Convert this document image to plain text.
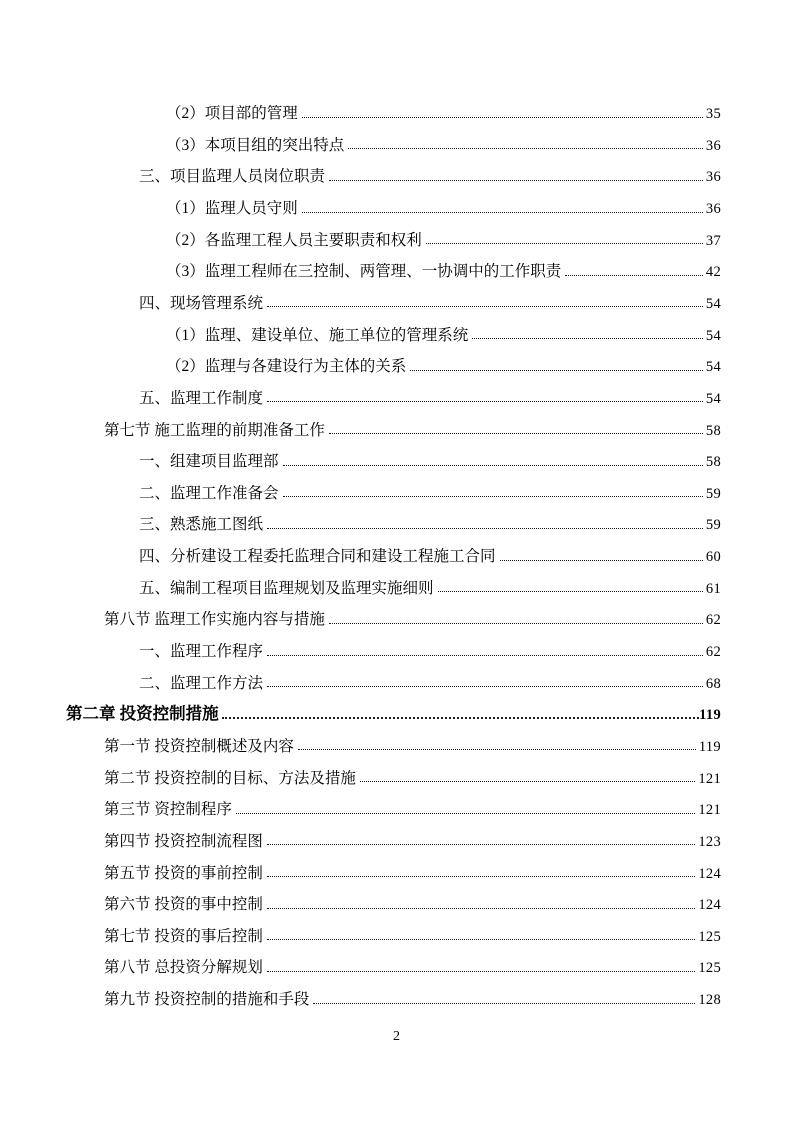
（2）项目部的管理	35
（3）本项目组的突出特点	36
三、项目监理人员岗位职责	36
（1）监理人员守则	36
（2）各监理工程人员主要职责和权利	37
（3）监理工程师在三控制、两管理、一协调中的工作职责	42
四、现场管理系统	54
（1）监理、建设单位、施工单位的管理系统	54
（2）监理与各建设行为主体的关系	54
五、监理工作制度	54
第七节 施工监理的前期准备工作	58
一、组建项目监理部	58
二、监理工作准备会	59
三、熟悉施工图纸	59
四、分析建设工程委托监理合同和建设工程施工合同	60
五、编制工程项目监理规划及监理实施细则	61
第八节 监理工作实施内容与措施	62
一、监理工作程序	62
二、监理工作方法	68
第二章 投资控制措施	119
第一节 投资控制概述及内容	119
第二节 投资控制的目标、方法及措施	121
第三节 资控制程序	121
第四节 投资控制流程图	123
第五节 投资的事前控制	124
第六节 投资的事中控制	124
第七节 投资的事后控制	125
第八节 总投资分解规划	125
第九节 投资控制的措施和手段	128
2
